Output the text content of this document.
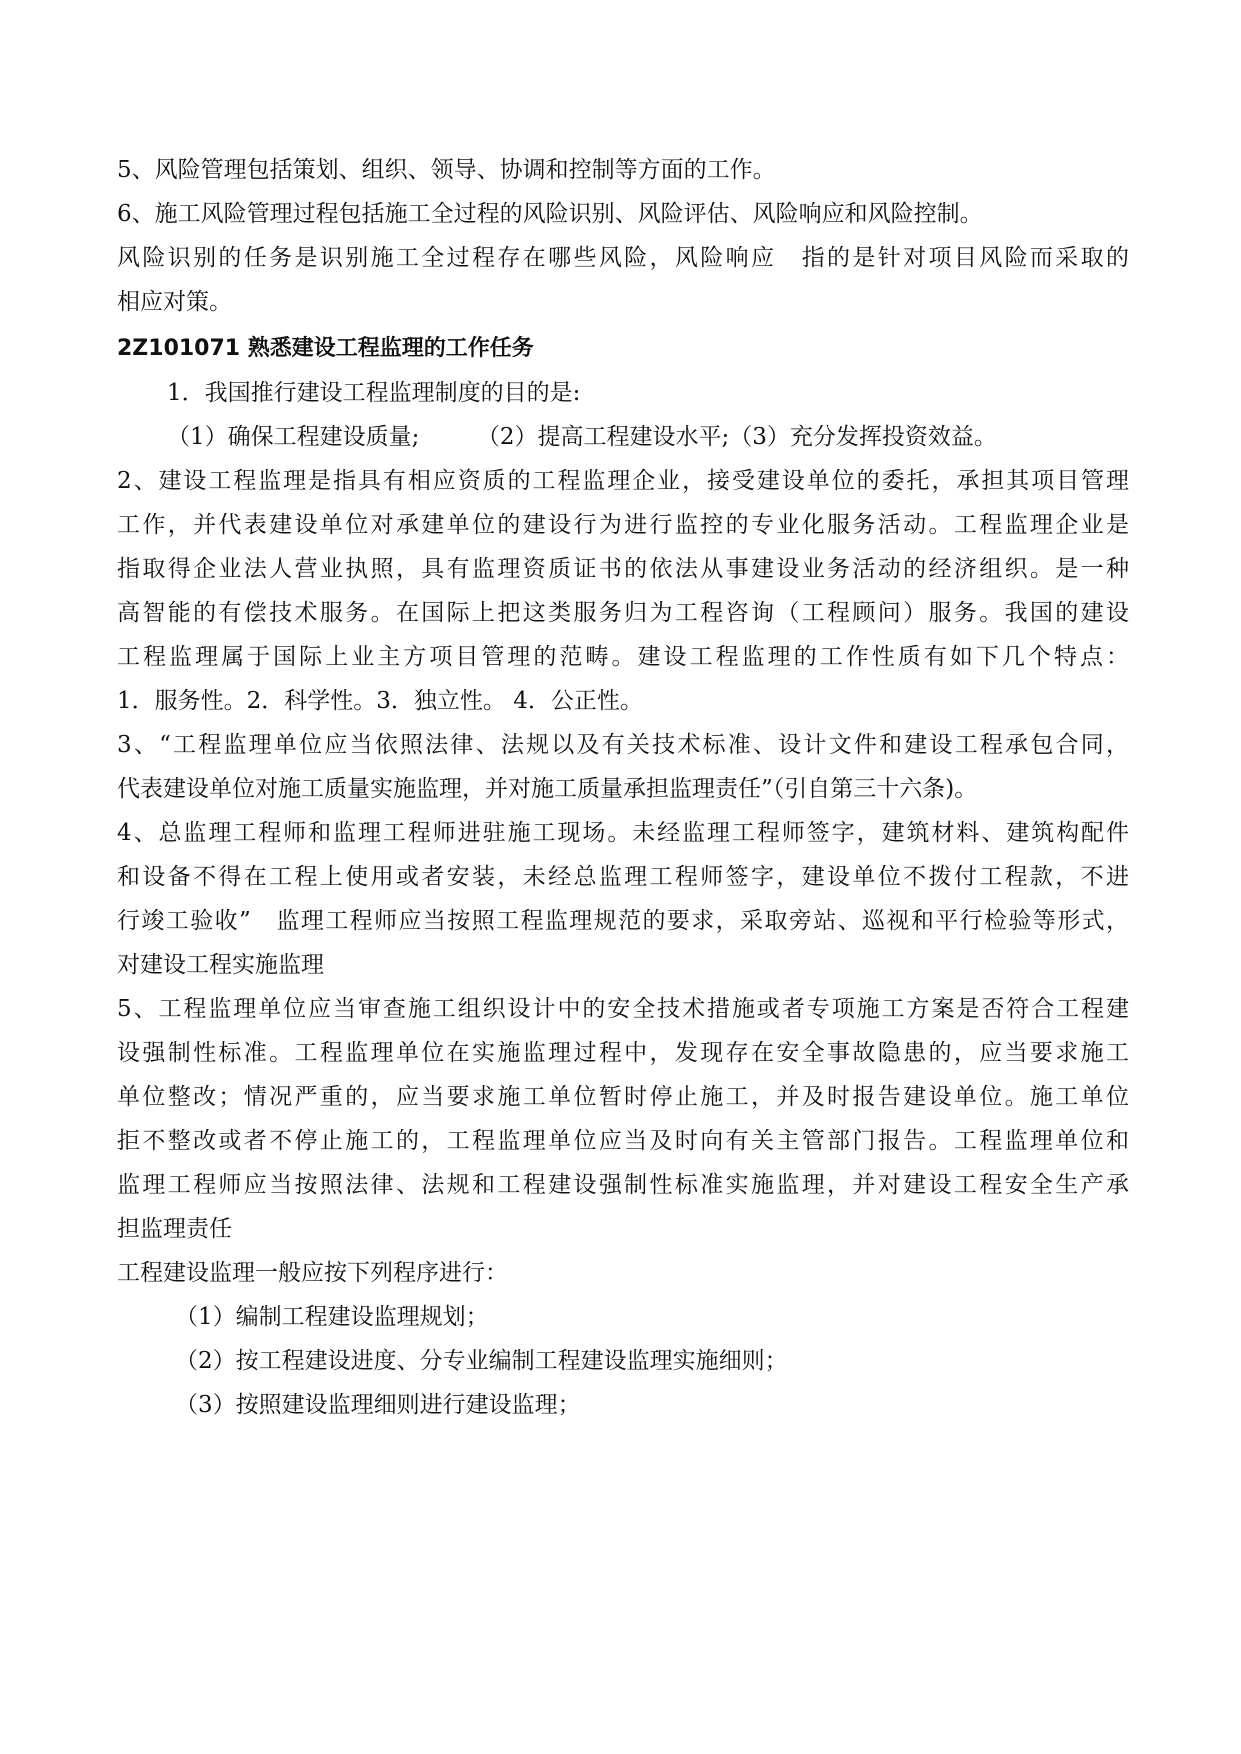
5、风险管理包括策划、组织、领导、协调和控制等方面的工作。
6、施工风险管理过程包括施工全过程的风险识别、风险评估、风险响应和风险控制。
风险识别的任务是识别施工全过程存在哪些风险，风险响应　指的是针对项目风险而采取的
相应对策。
2Z101071 熟悉建设工程监理的工作任务
1．我国推行建设工程监理制度的目的是:
（1）确保工程建设质量;　　　（2）提高工程建设水平;（3）充分发挥投资效益。
2、建设工程监理是指具有相应资质的工程监理企业，接受建设单位的委托，承担其项目管理
工作，并代表建设单位对承建单位的建设行为进行监控的专业化服务活动。工程监理企业是
指取得企业法人营业执照，具有监理资质证书的依法从事建设业务活动的经济组织。是一种
高智能的有偿技术服务。在国际上把这类服务归为工程咨询（工程顾问）服务。我国的建设
工程监理属于国际上业主方项目管理的范畴。建设工程监理的工作性质有如下几个特点：
1．服务性。2．科学性。3．独立性。 4．公正性。
3、“工程监理单位应当依照法律、法规以及有关技术标准、设计文件和建设工程承包合同，
代表建设单位对施工质量实施监理，并对施工质量承担监理责任”（引自第三十六条)。
4、总监理工程师和监理工程师进驻施工现场。未经监理工程师签字，建筑材料、建筑构配件
和设备不得在工程上使用或者安装，未经总监理工程师签字，建设单位不拨付工程款，不进
行竣工验收”　监理工程师应当按照工程监理规范的要求，采取旁站、巡视和平行检验等形式，
对建设工程实施监理
5、工程监理单位应当审查施工组织设计中的安全技术措施或者专项施工方案是否符合工程建
设强制性标准。工程监理单位在实施监理过程中，发现存在安全事故隐患的，应当要求施工
单位整改；情况严重的，应当要求施工单位暂时停止施工，并及时报告建设单位。施工单位
拒不整改或者不停止施工的，工程监理单位应当及时向有关主管部门报告。工程监理单位和
监理工程师应当按照法律、法规和工程建设强制性标准实施监理，并对建设工程安全生产承
担监理责任
工程建设监理一般应按下列程序进行：
（1）编制工程建设监理规划；
（2）按工程建设进度、分专业编制工程建设监理实施细则；
（3）按照建设监理细则进行建设监理；
